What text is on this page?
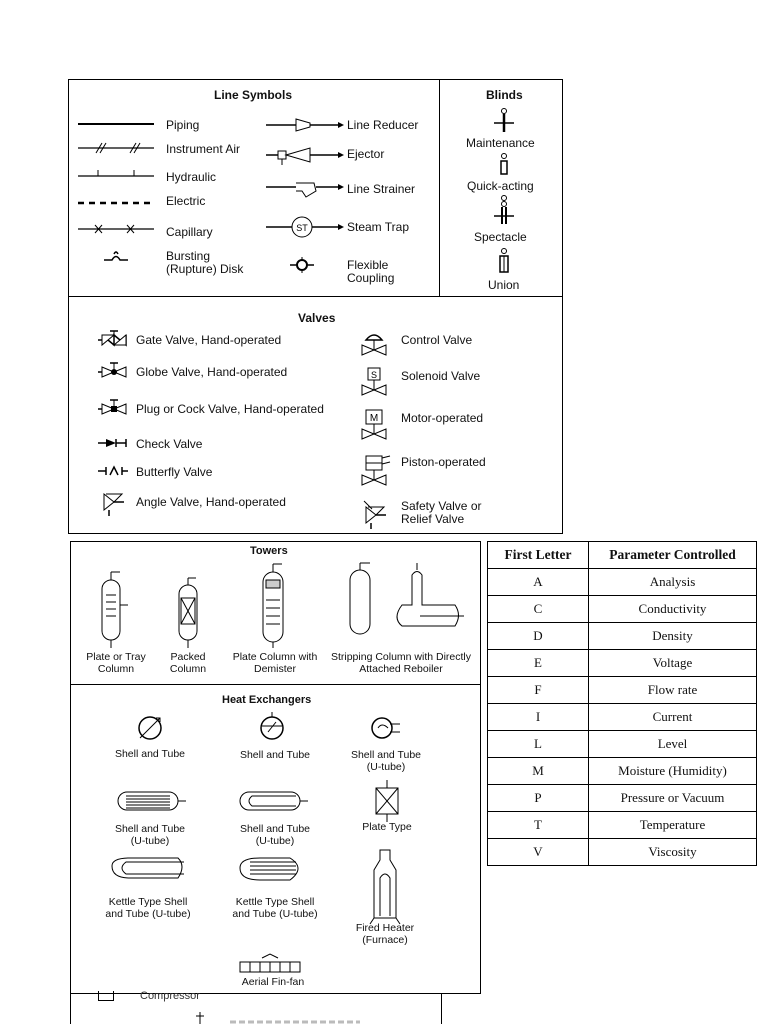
Line Symbols	Blinds
Piping
Instrument Air
Hydraulic
Electric
Capillary
Bursting (Rupture) Disk
ST
Line Reducer
Ejector
Line Strainer
Steam Trap
Flexible Coupling
Maintenance
Quick-acting
Spectacle
Union
Valves
Gate Valve, Hand-operated
Globe Valve, Hand-operated
Plug or Cock Valve, Hand-operated
Check Valve
Butterfly Valve
Angle Valve, Hand-operated
S
M
Control Valve
Solenoid Valve
Motor-operated
Piston-operated
Safety Valve or Relief Valve
Towers
Plate or Tray Column
Packed Column
Plate Column with Demister
Stripping Column with Directly Attached Reboiler
Heat Exchangers
Shell and Tube	Shell and Tube	Shell and Tube (U-tube)
Shell and Tube (U-tube)
Shell and Tube (U-tube)
Plate Type
Kettle Type Shell and Tube (U-tube)
Kettle Type Shell and Tube (U-tube)
Fired Heater (Furnace)
Aerial Fin-fan
Compressor
First Letter	Parameter Controlled
A	Analysis
C	Conductivity
D	Density
E	Voltage
F	Flow rate
I	Current
L	Level
M	Moisture (Humidity)
P	Pressure or Vacuum
T	Temperature
V	Viscosity
